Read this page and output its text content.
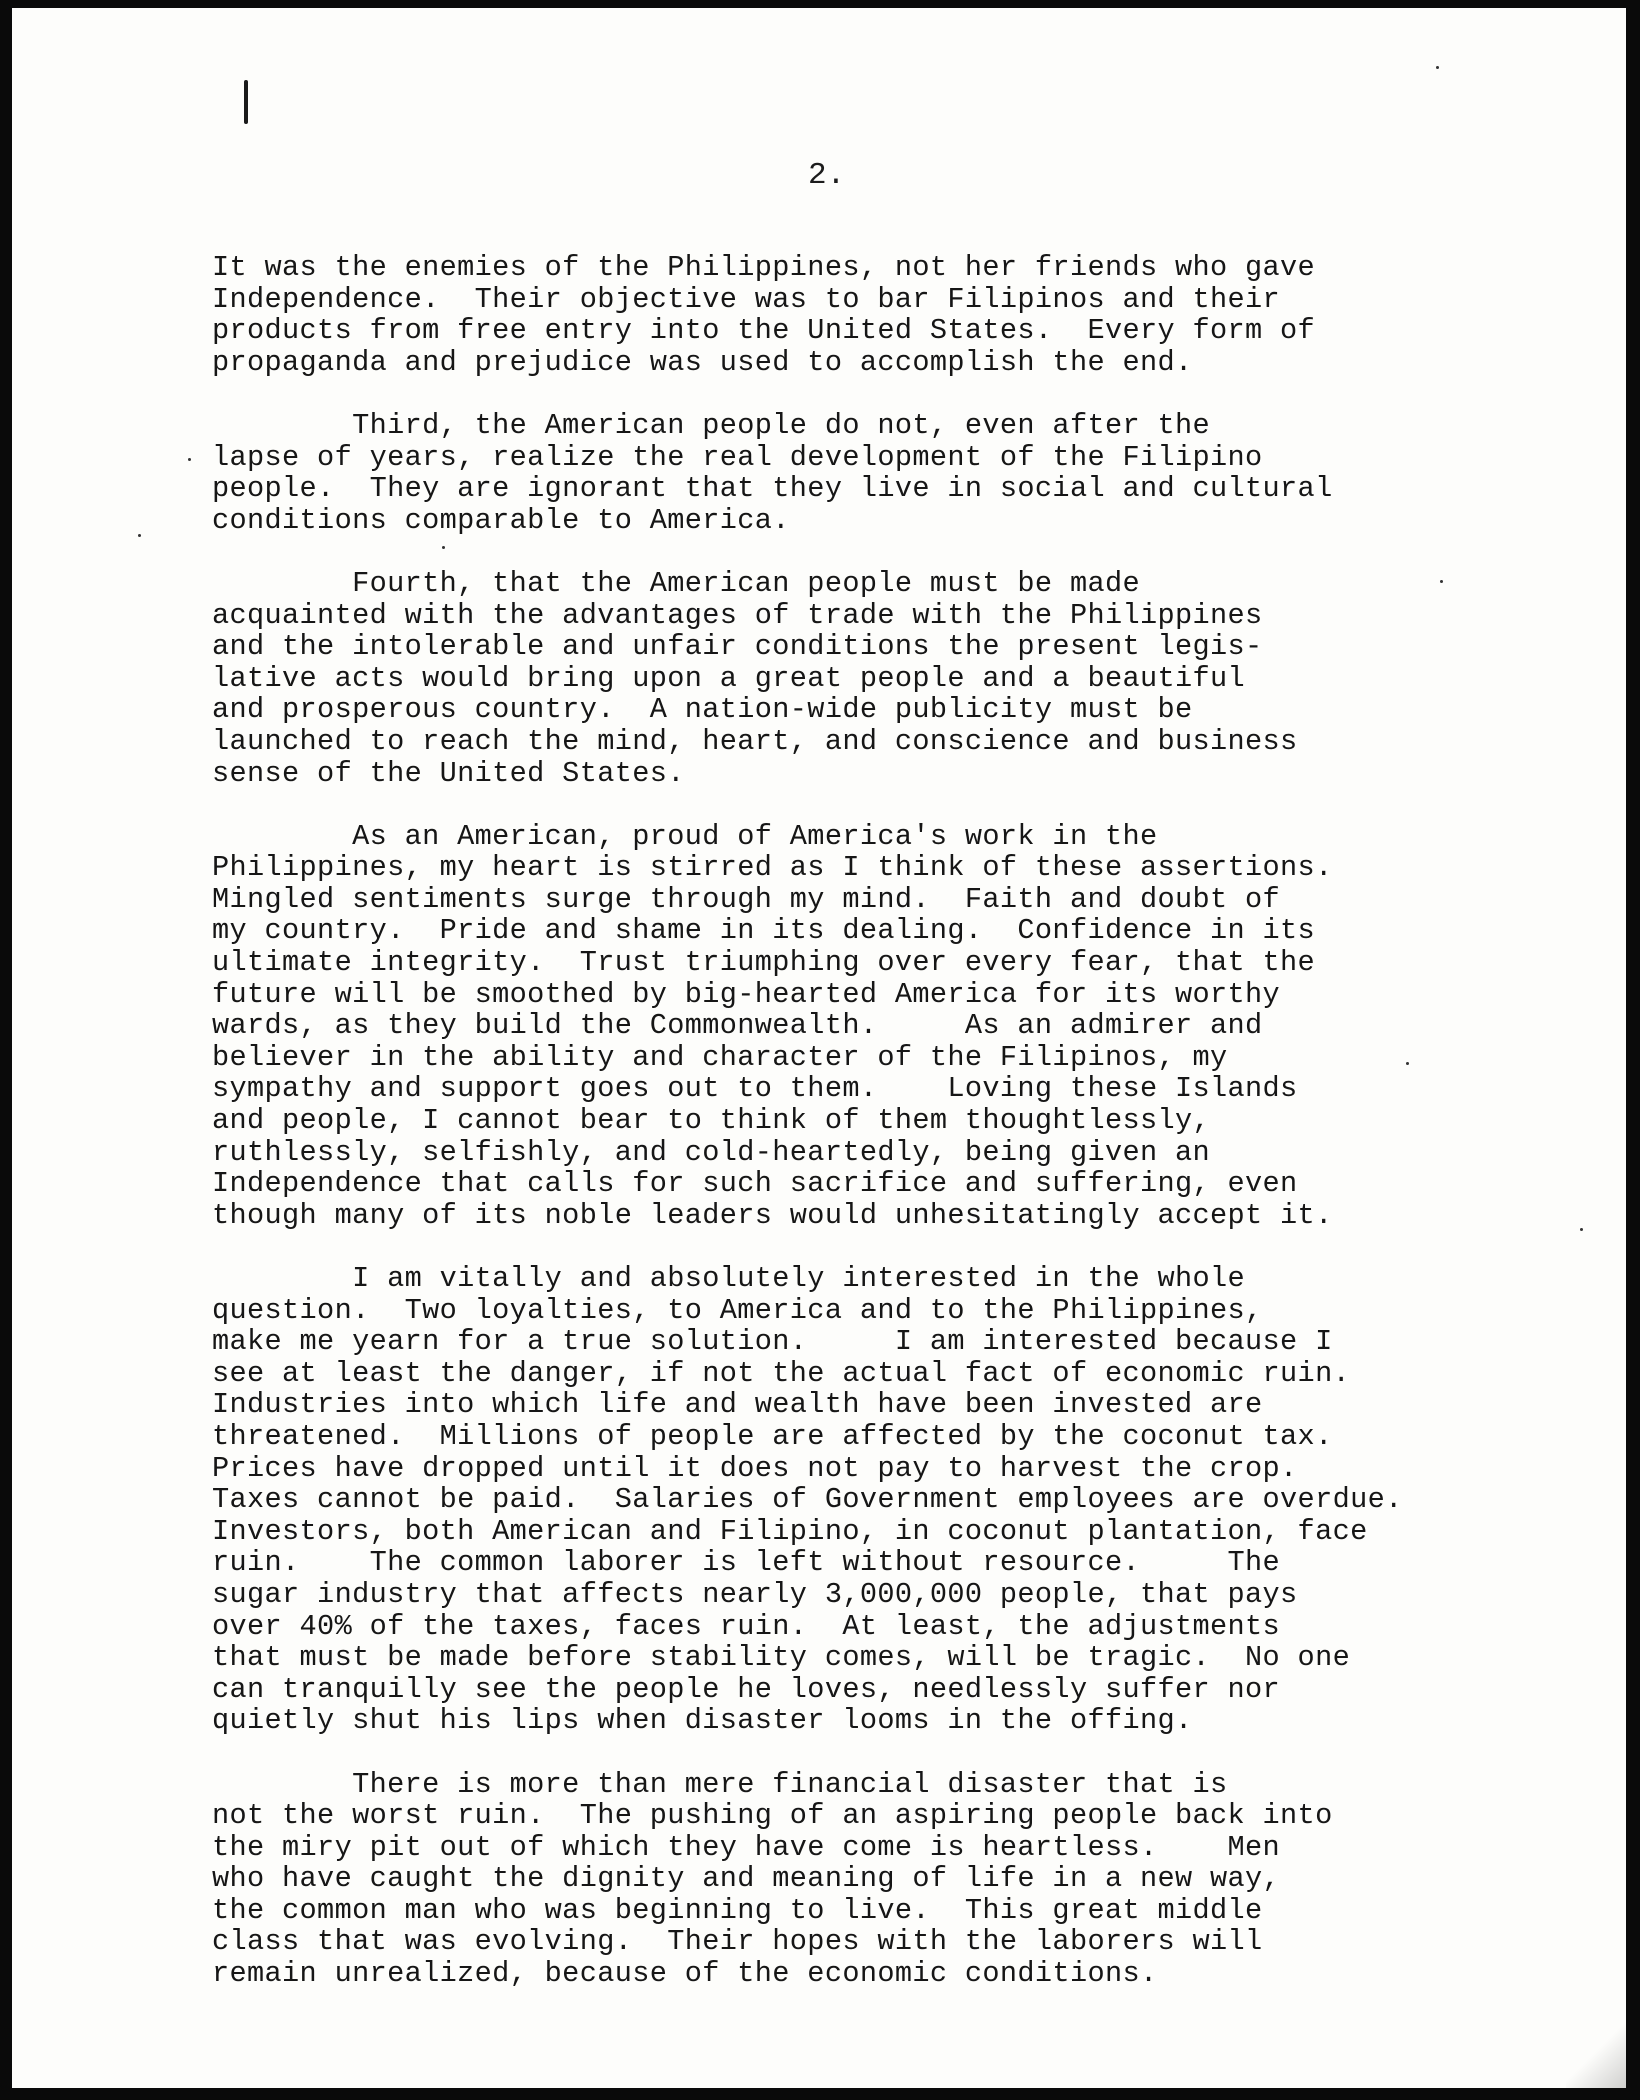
2.
It was the enemies of the Philippines, not her friends who gave
Independence.  Their objective was to bar Filipinos and their
products from free entry into the United States.  Every form of
propaganda and prejudice was used to accomplish the end.
Third, the American people do not, even after the
lapse of years, realize the real development of the Filipino
people.  They are ignorant that they live in social and cultural
conditions comparable to America.
Fourth, that the American people must be made
acquainted with the advantages of trade with the Philippines
and the intolerable and unfair conditions the present legis-
lative acts would bring upon a great people and a beautiful
and prosperous country.  A nation-wide publicity must be
launched to reach the mind, heart, and conscience and business
sense of the United States.
As an American, proud of America's work in the
Philippines, my heart is stirred as I think of these assertions.
Mingled sentiments surge through my mind.  Faith and doubt of
my country.  Pride and shame in its dealing.  Confidence in its
ultimate integrity.  Trust triumphing over every fear, that the
future will be smoothed by big-hearted America for its worthy
wards, as they build the Commonwealth.     As an admirer and
believer in the ability and character of the Filipinos, my
sympathy and support goes out to them.    Loving these Islands
and people, I cannot bear to think of them thoughtlessly,
ruthlessly, selfishly, and cold-heartedly, being given an
Independence that calls for such sacrifice and suffering, even
though many of its noble leaders would unhesitatingly accept it.
I am vitally and absolutely interested in the whole
question.  Two loyalties, to America and to the Philippines,
make me yearn for a true solution.     I am interested because I
see at least the danger, if not the actual fact of economic ruin.
Industries into which life and wealth have been invested are
threatened.  Millions of people are affected by the coconut tax.
Prices have dropped until it does not pay to harvest the crop.
Taxes cannot be paid.  Salaries of Government employees are overdue.
Investors, both American and Filipino, in coconut plantation, face
ruin.    The common laborer is left without resource.     The
sugar industry that affects nearly 3,000,000 people, that pays
over 40% of the taxes, faces ruin.  At least, the adjustments
that must be made before stability comes, will be tragic.  No one
can tranquilly see the people he loves, needlessly suffer nor
quietly shut his lips when disaster looms in the offing.
There is more than mere financial disaster that is
not the worst ruin.  The pushing of an aspiring people back into
the miry pit out of which they have come is heartless.    Men
who have caught the dignity and meaning of life in a new way,
the common man who was beginning to live.  This great middle
class that was evolving.  Their hopes with the laborers will
remain unrealized, because of the economic conditions.
